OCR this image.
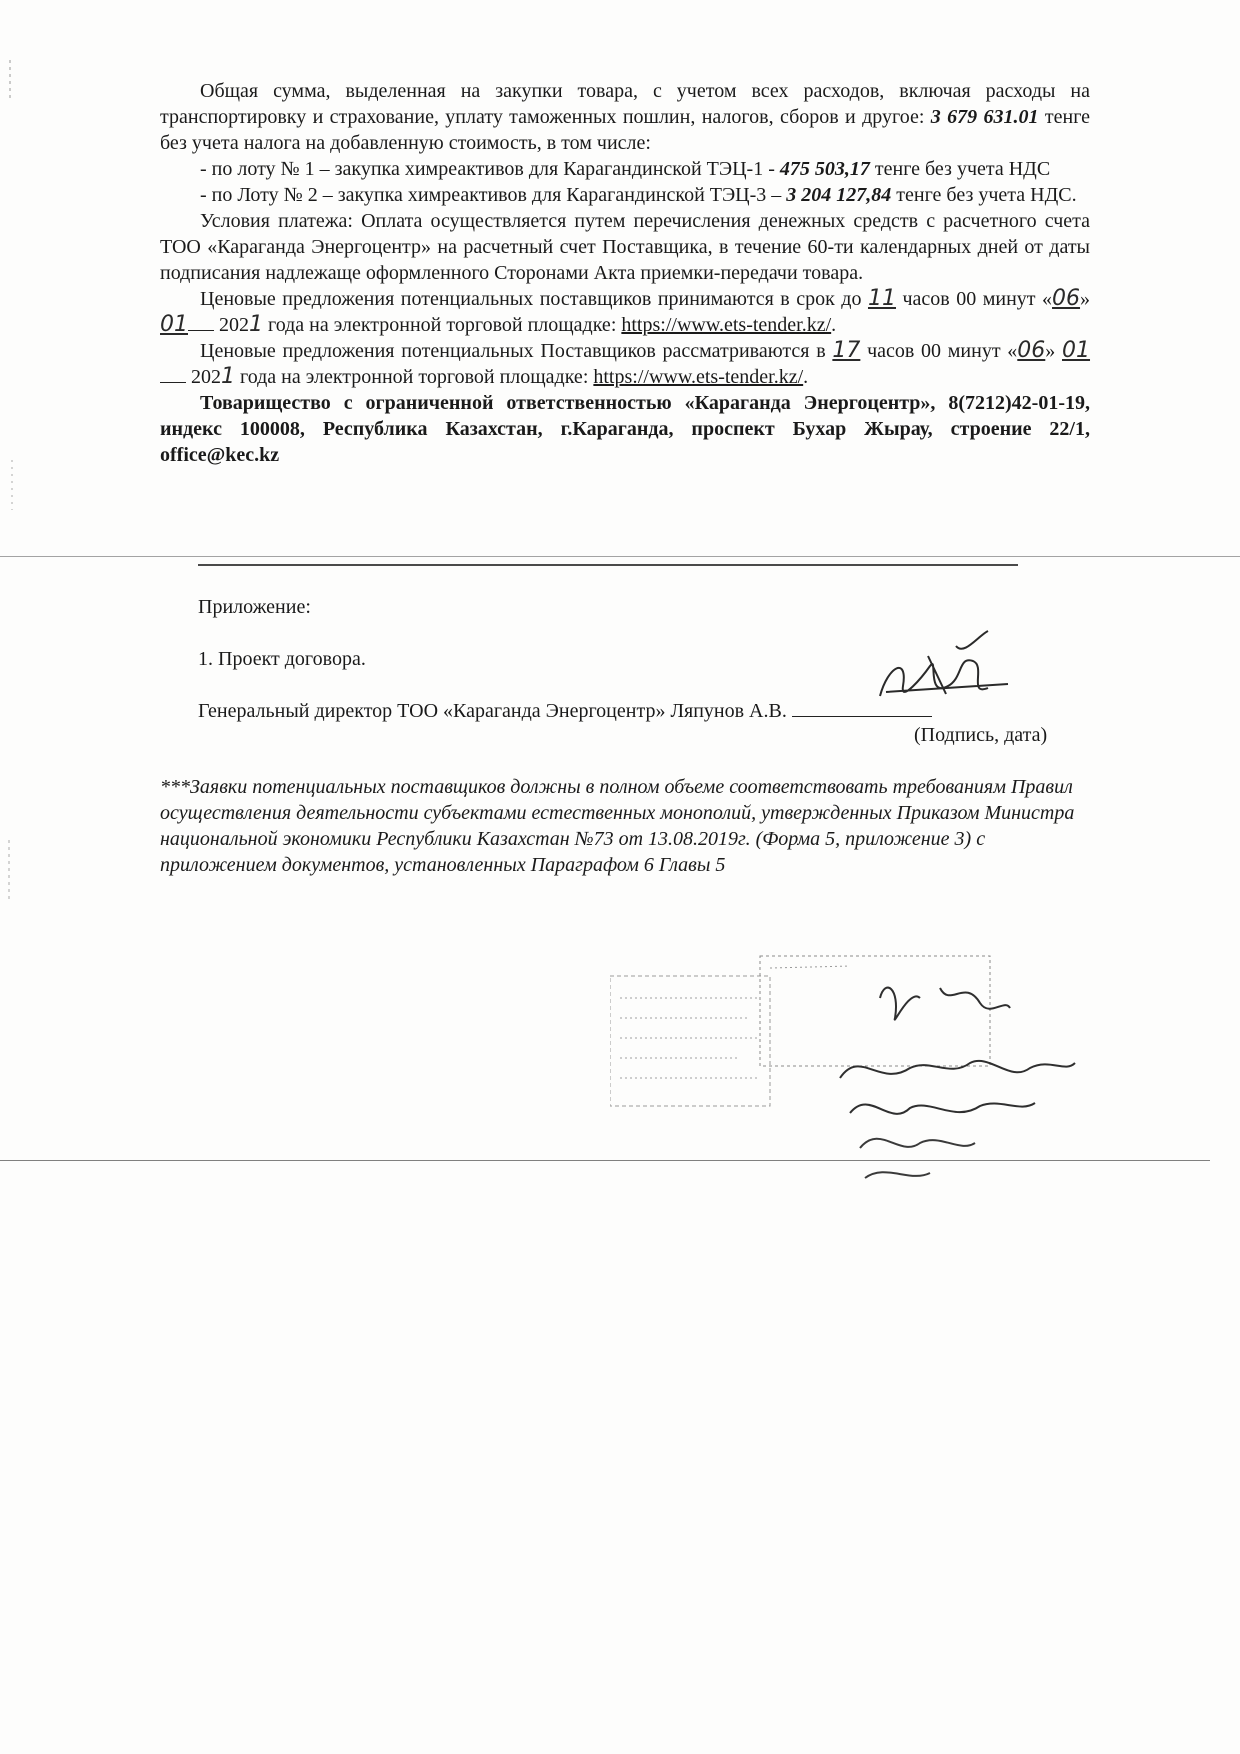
Общая сумма, выделенная на закупки товара, с учетом всех расходов, включая расходы на транспортировку и страхование, уплату таможенных пошлин, налогов, сборов и другое: 3 679 631.01 тенге без учета налога на добавленную стоимость, в том числе:

- по лоту № 1 – закупка химреактивов для Карагандинской ТЭЦ-1 - 475 503,17 тенге без учета НДС

- по Лоту № 2 – закупка химреактивов для Карагандинской ТЭЦ-3 – 3 204 127,84 тенге без учета НДС.

Условия платежа: Оплата осуществляется путем перечисления денежных средств с расчетного счета ТОО «Караганда Энергоцентр» на расчетный счет Поставщика, в течение 60-ти календарных дней от даты подписания надлежаще оформленного Сторонами Акта приемки-передачи товара.

Ценовые предложения потенциальных поставщиков принимаются в срок до 11 часов 00 минут «06» 01 2021 года на электронной торговой площадке: https://www.ets-tender.kz/.

Ценовые предложения потенциальных Поставщиков рассматриваются в 17 часов 00 минут «06» 01 2021 года на электронной торговой площадке: https://www.ets-tender.kz/.

Товарищество с ограниченной ответственностью «Караганда Энергоцентр», 8(7212)42-01-19, индекс 100008, Республика Казахстан, г.Караганда, проспект Бухар Жырау, строение 22/1, office@kec.kz

Приложение:

1. Проект договора.

Генеральный директор ТОО «Караганда Энергоцентр» Ляпунов А.В.
(Подпись, дата)
***Заявки потенциальных поставщиков должны в полном объеме соответствовать требованиям Правил осуществления деятельности субъектами естественных монополий, утвержденных Приказом Министра национальной экономики Республики Казахстан №73 от 13.08.2019г. (Форма 5, приложение 3) с приложением документов, установленных Параграфом 6 Главы 5
